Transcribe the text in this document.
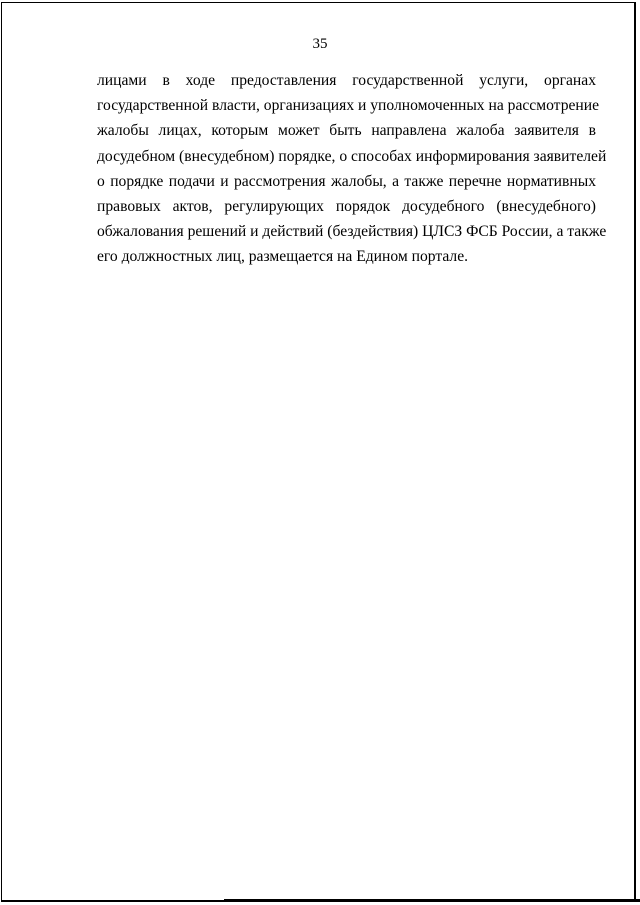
35
лицами в ходе предоставления государственной услуги, органах
государственной власти, организациях и уполномоченных на рассмотрение
жалобы лицах, которым может быть направлена жалоба заявителя в
досудебном (внесудебном) порядке, о способах информирования заявителей
о порядке подачи и рассмотрения жалобы, а также перечне нормативных
правовых актов, регулирующих порядок досудебного (внесудебного)
обжалования решений и действий (бездействия) ЦЛСЗ ФСБ России, а также
его должностных лиц, размещается на Едином портале.
